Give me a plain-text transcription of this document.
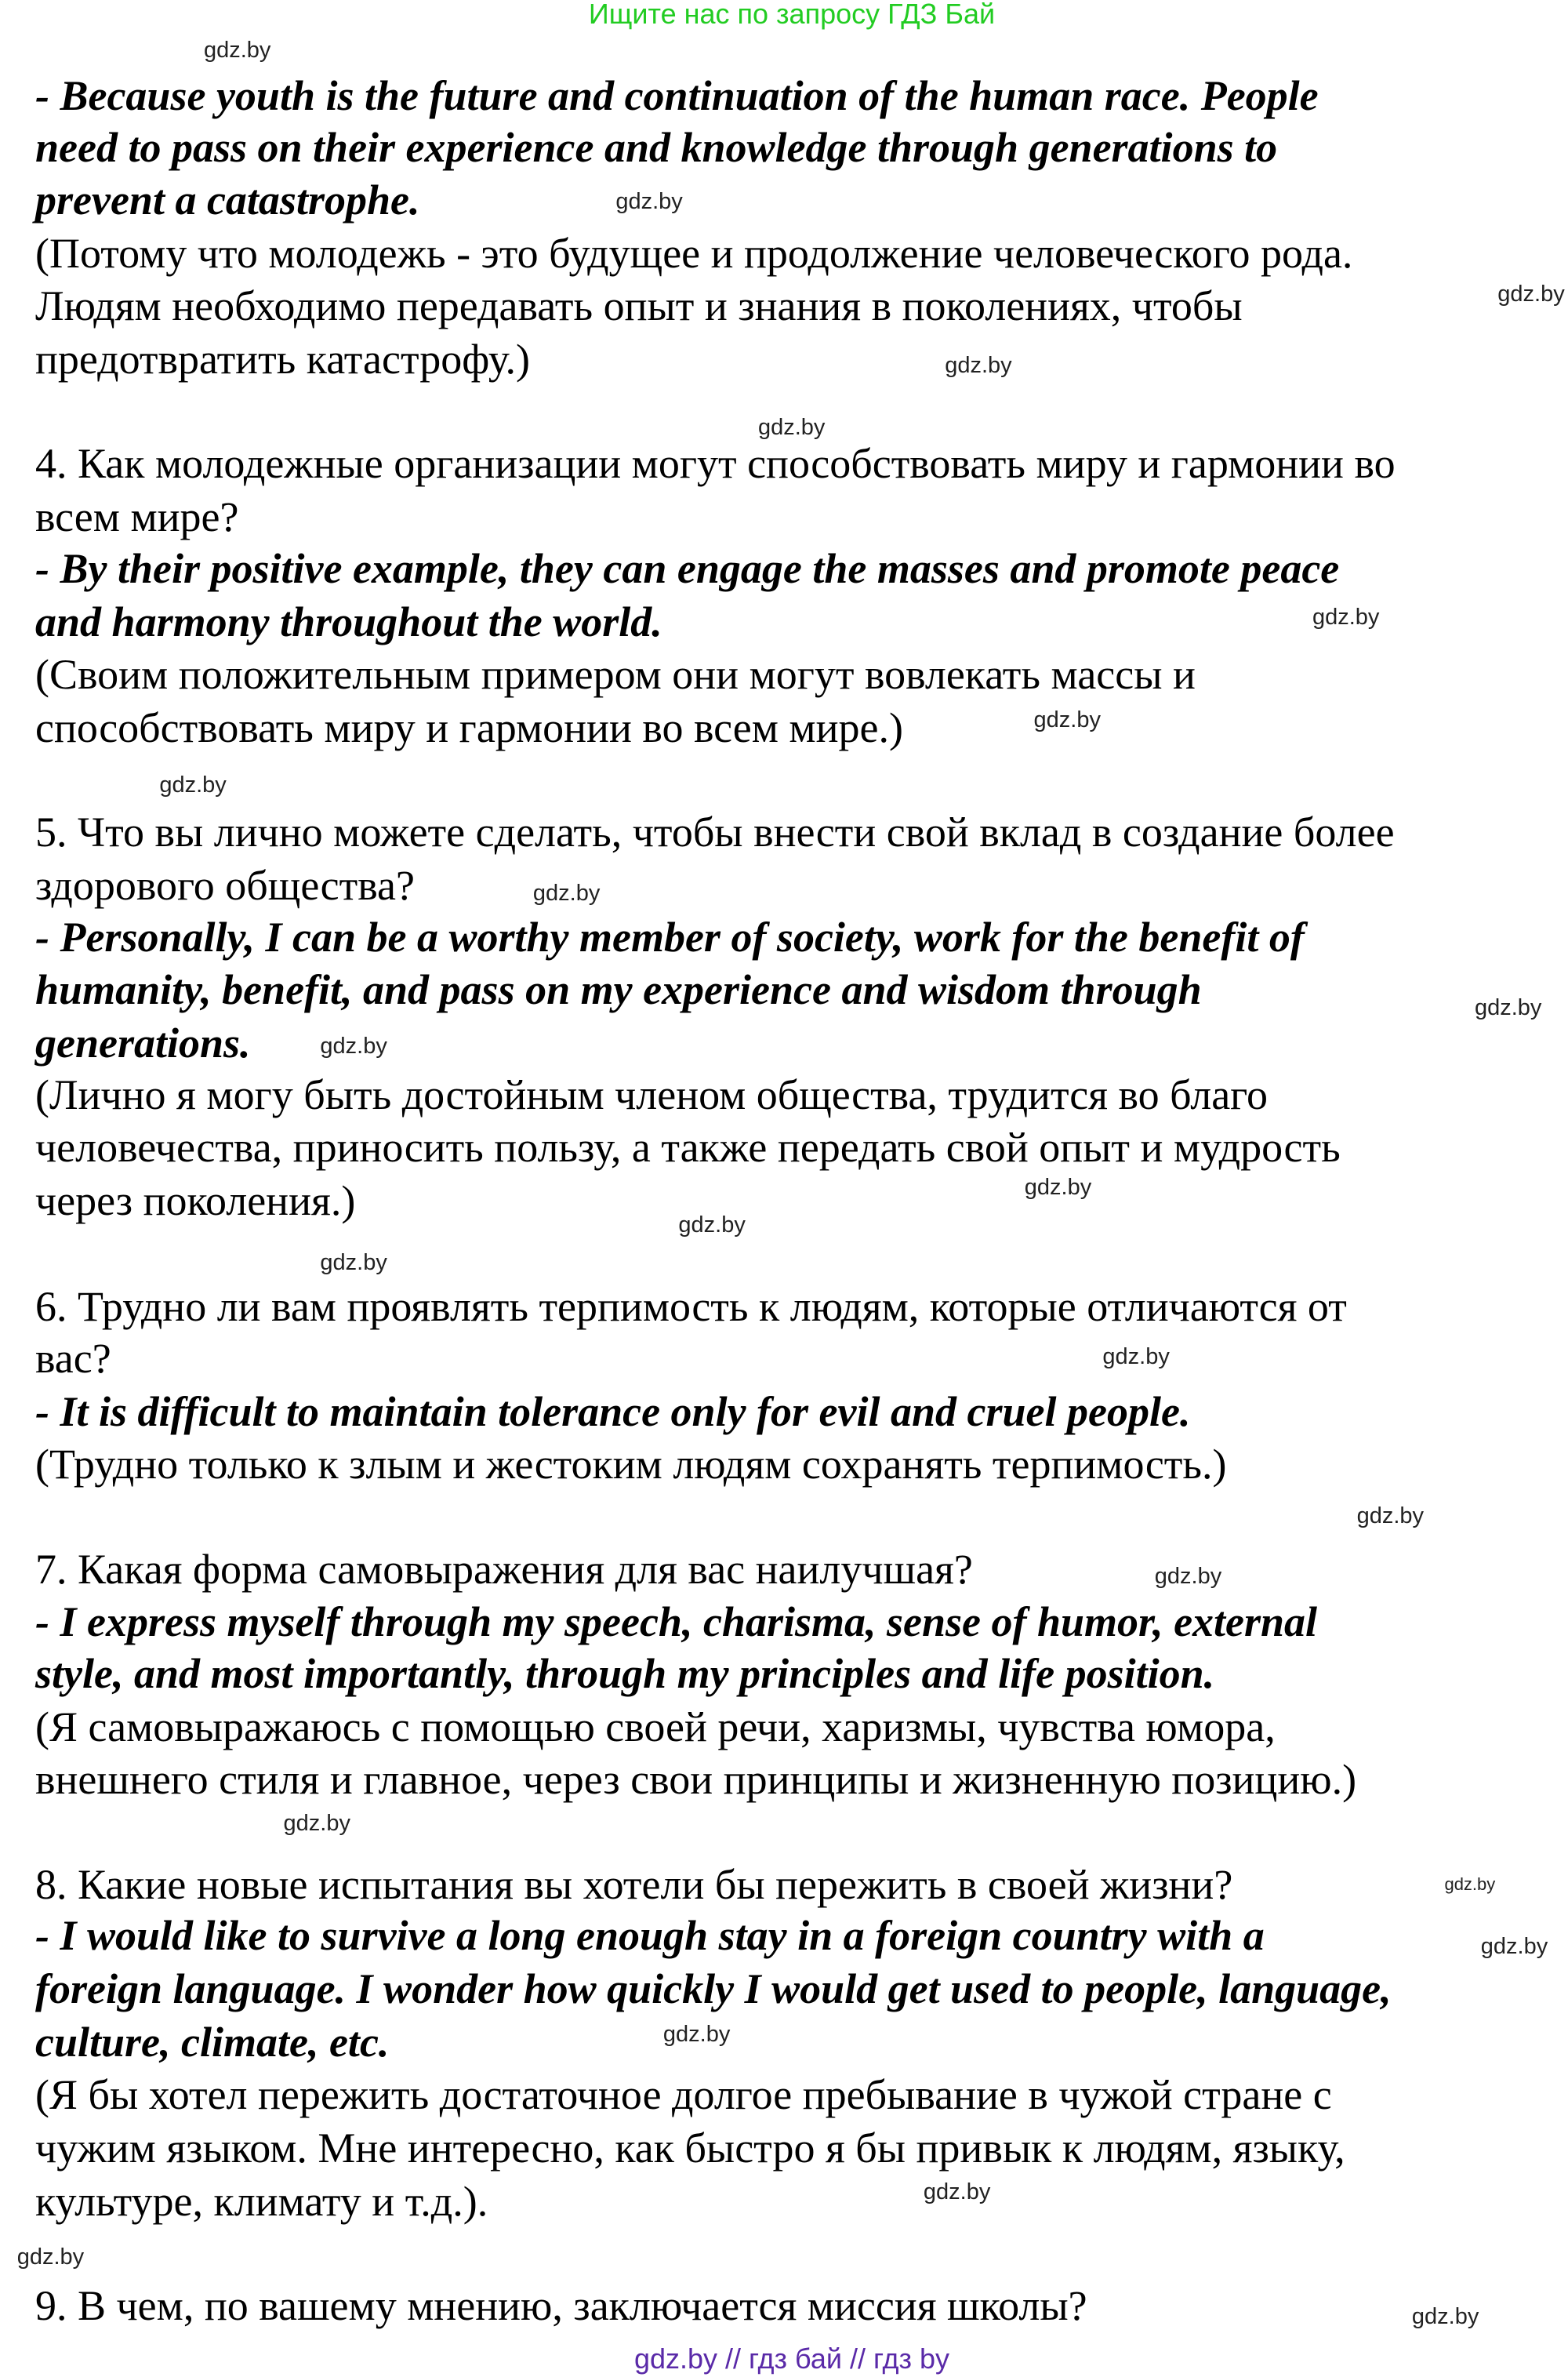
Ищите нас по запросу ГДЗ Бай
- Because youth is the future and continuation of the human race. People
need to pass on their experience and knowledge through generations to
prevent a catastrophe.
(Потому что молодежь - это будущее и продолжение человеческого рода.
Людям необходимо передавать опыт и знания в поколениях, чтобы
предотвратить катастрофу.)
4. Как молодежные организации могут способствовать миру и гармонии во
всем мире?
- By their positive example, they can engage the masses and promote peace
and harmony throughout the world.
(Своим положительным примером они могут вовлекать массы и
способствовать миру и гармонии во всем мире.)
5. Что вы лично можете сделать, чтобы внести свой вклад в создание более
здорового общества?
- Personally, I can be a worthy member of society, work for the benefit of
humanity, benefit, and pass on my experience and wisdom through
generations.
(Лично я могу быть достойным членом общества, трудится во благо
человечества, приносить пользу, а также передать свой опыт и мудрость
через поколения.)
6. Трудно ли вам проявлять терпимость к людям, которые отличаются от
вас?
- It is difficult to maintain tolerance only for evil and cruel people.
(Трудно только к злым и жестоким людям сохранять терпимость.)
7. Какая форма самовыражения для вас наилучшая?
- I express myself through my speech, charisma, sense of humor, external
style, and most importantly, through my principles and life position.
(Я самовыражаюсь с помощью своей речи, харизмы, чувства юмора,
внешнего стиля и главное, через свои принципы и жизненную позицию.)
8. Какие новые испытания вы хотели бы пережить в своей жизни?
- I would like to survive a long enough stay in a foreign country with a
foreign language. I wonder how quickly I would get used to people, language,
culture, climate, etc.
(Я бы хотел пережить достаточное долгое пребывание в чужой стране с
чужим языком. Мне интересно, как быстро я бы привык к людям, языку,
культуре, климату и т.д.).
9. В чем, по вашему мнению, заключается миссия школы?
gdz.by
gdz.by
gdz.by
gdz.by
gdz.by
gdz.by
gdz.by
gdz.by
gdz.by
gdz.by
gdz.by
gdz.by
gdz.by
gdz.by
gdz.by
gdz.by
gdz.by
gdz.by
gdz.by
gdz.by
gdz.by
gdz.by
gdz.by
gdz.by
gdz.by // гдз бай // гдз by
